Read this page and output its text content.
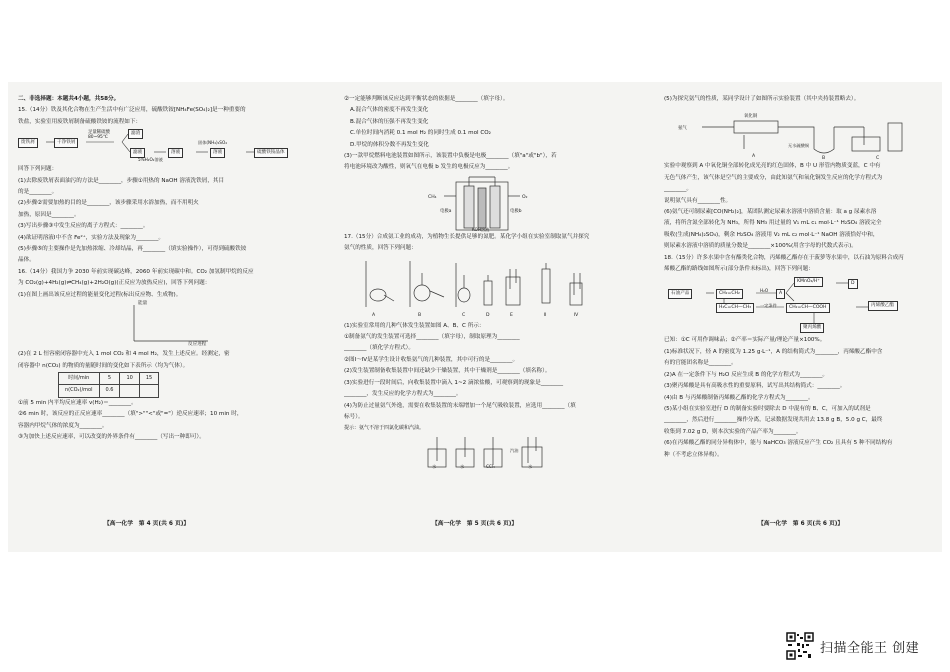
二、非选择题：本题共4小题，共58分。

15.（14分）铁及其化合物在生产生活中有广泛应用，硫酸铁铵[NH₄Fe(SO₄)₂]是一种重要的

铁盐，实验室用废铁屑制备硫酸铁铵的流程如下：

废铁屑	干净铁屑
足量稀硫酸 80~95℃
滤渣
滤液
5%H₂O₂溶液
溶液
固体(NH₄)₂SO₄
溶液	硫酸铁铵晶体

回答下列问题：

(1)去除废铁屑表面油污的方法是________，步骤①用热的 NaOH 溶液洗铁屑，其目

的是________。

(2)步骤②需要加热的目的是________，该步骤采用水浴加热，而不用明火

加热，原因是________。

(3)写出步骤③中发生反应的离子方程式：________。

(4)欲证明溶液Ⅰ中不含 Fe²⁺，实验方法及现象为________。

(5)步骤⑤的主要操作是先加热浓缩、冷却结晶，再________（填实验操作），可得到硫酸铁铵

晶体。

16.（14分）我国力争 2030 年前实现碳达峰，2060 年前实现碳中和。CO₂ 加氢制甲烷的反应

为 CO₂(g)+4H₂(g)⇌CH₄(g)+2H₂O(g)(正反应为放热反应)，回答下列问题：

(1)在图上画出该反应过程的能量变化过程(标出反应物、生成物)。

能量
反应进程

(2)在 2 L 恒容密闭容器中充入 1 mol CO₂ 和 4 mol H₂，发生上述反应。经测定，密

闭容器中 n(CO₂) 的物质的量随时间的变化如下表所示（均为气体）。

时间/min	5	10	15
n(CO₂)/mol	0.6		

①前 5 min 内平均反应速率 v(H₂)＝________。

②6 min 时，该反应的正反应速率________（填">""<"或"="）逆反应速率；10 min 时，

容器内甲烷气体的浓度为________。

③为加快上述反应速率，可以改变的外界条件有________（写出一种即可）。

【高一化学　第 4 页(共 6 页)】

②一定能够判断该反应达到平衡状态的依据是________（填字母）。

A.混合气体的密度不再发生变化

B.混合气体的压强不再发生变化

C.单位时间内消耗 0.1 mol H₂ 的同时生成 0.1 mol CO₂

D.甲烷的体积分数不再发生变化

(3)一款甲烷燃料电池装置如图所示，该装置中负极是电极________（填"a"或"b"），若

将电池环境改为酸性，则氧气在电极 b 发生的电极反应为________。

CH₄	O₂
电极a	电极b
KOH溶液

17.（15分）合成氨工业的成功，为植物生长提供足够的氮肥。某化学小组在实验室制取氨气并探究

氨气的性质，回答下列问题：

A	B	C	D	E	Ⅱ	Ⅳ

(1)实验室常用的几种气体发生装置如图 A、B、C 所示：

①制备氨气的发生装置可选择________（填字母），制取原理为________

________（填化学方程式）。

②图Ⅰ～Ⅳ是某学生设计收集氨气的几种装置，其中可行的是________。

(2)发生装置制备收集装置中间还缺少干燥装置，其中干燥剂是________（填名称）。

(3)实验进行一段时间后，向收集装置中滴入 1~2 滴浓盐酸，可观察到的现象是________

________，发生反应的化学方程式为________。

(4)为防止过量氨气外逸，需要在收集装置的末端增加一个尾气吸收装置，应选用________（填

标号）。

提示：氨气不溶于四氯化碳和汽油。

水	水	CCl₄
汽油
水
【高一化学　第 5 页(共 6 页)】

(5)为探究氨气的性质，某同学设计了如图所示实验装置（其中夹持装置略去）。

氨气
氧化铜
无水硫酸铜
A	B	C

实验中观察到 A 中氧化铜全部转化成光亮的红色固体，B 中 U 形管内物质变蓝，C 中有

无色气体产生，该气体是空气的主要成分，由此知氨气和氧化铜发生反应的化学方程式为

________。

说明氨气具有________性。

(6)氨气还可制尿素[CO(NH₂)₂]，某团队测定尿素水溶液中溶质含量：取 a g 尿素水溶

液，将所含氮全部转化为 NH₃，所得 NH₃ 用过量的 V₁ mL c₁ mol·L⁻¹ H₂SO₄ 溶液完全

吸收(生成(NH₄)₂SO₄)，剩余 H₂SO₄ 溶液用 V₂ mL c₂ mol·L⁻¹ NaOH 溶液恰好中和，

则尿素水溶液中溶质的质量分数是________×100%(用含字母的代数式表示)。

18.（15分）许多水果中含有酯类化合物，丙烯酸乙酯存在于菠萝等水果中，以石油为原料合成丙

烯酸乙酯的路线如图所示(部分条件未标出)，回答下列问题：

石油产品	CH₂=CH₂
H₂O
A
KMnO₄/H⁺	D
H₂C=CH—CH₃	一定条件	CH₂=CH—COOH	丙烯酸乙酯
聚丙烯酸

已知：①C 可用作调味品；②产率＝实际产量/理论产量×100%。

(1)标准状况下，烃 A 的密度为 1.25 g·L⁻¹，A 的结构简式为________，丙烯酸乙酯中含

有的官能团名称是________。

(2)A 在一定条件下与 H₂O 反应生成 B 的化学方程式为________。

(3)聚丙烯酸是具有高吸水性的重要原料，试写出其结构简式：________。

(4)由 B 与丙烯酸制备丙烯酸乙酯的化学方程式为________。

(5)某小组在实验室进行 D 的制备实验时要除去 D 中混有的 B、C，可加入的试剂是

________，然后进行________操作分离，记录数据发现共用去 13.8 g B，5.0 g C，最终

收集到 7.02 g D，则本次实验的产品产率为________。

(6)在丙烯酸乙酯的同分异构体中，能与 NaHCO₃ 溶液反应产生 CO₂ 且具有 5 种不同结构有

种（不考虑立体异构）。

【高一化学　第 6 页(共 6 页)】
扫描全能王 创建
